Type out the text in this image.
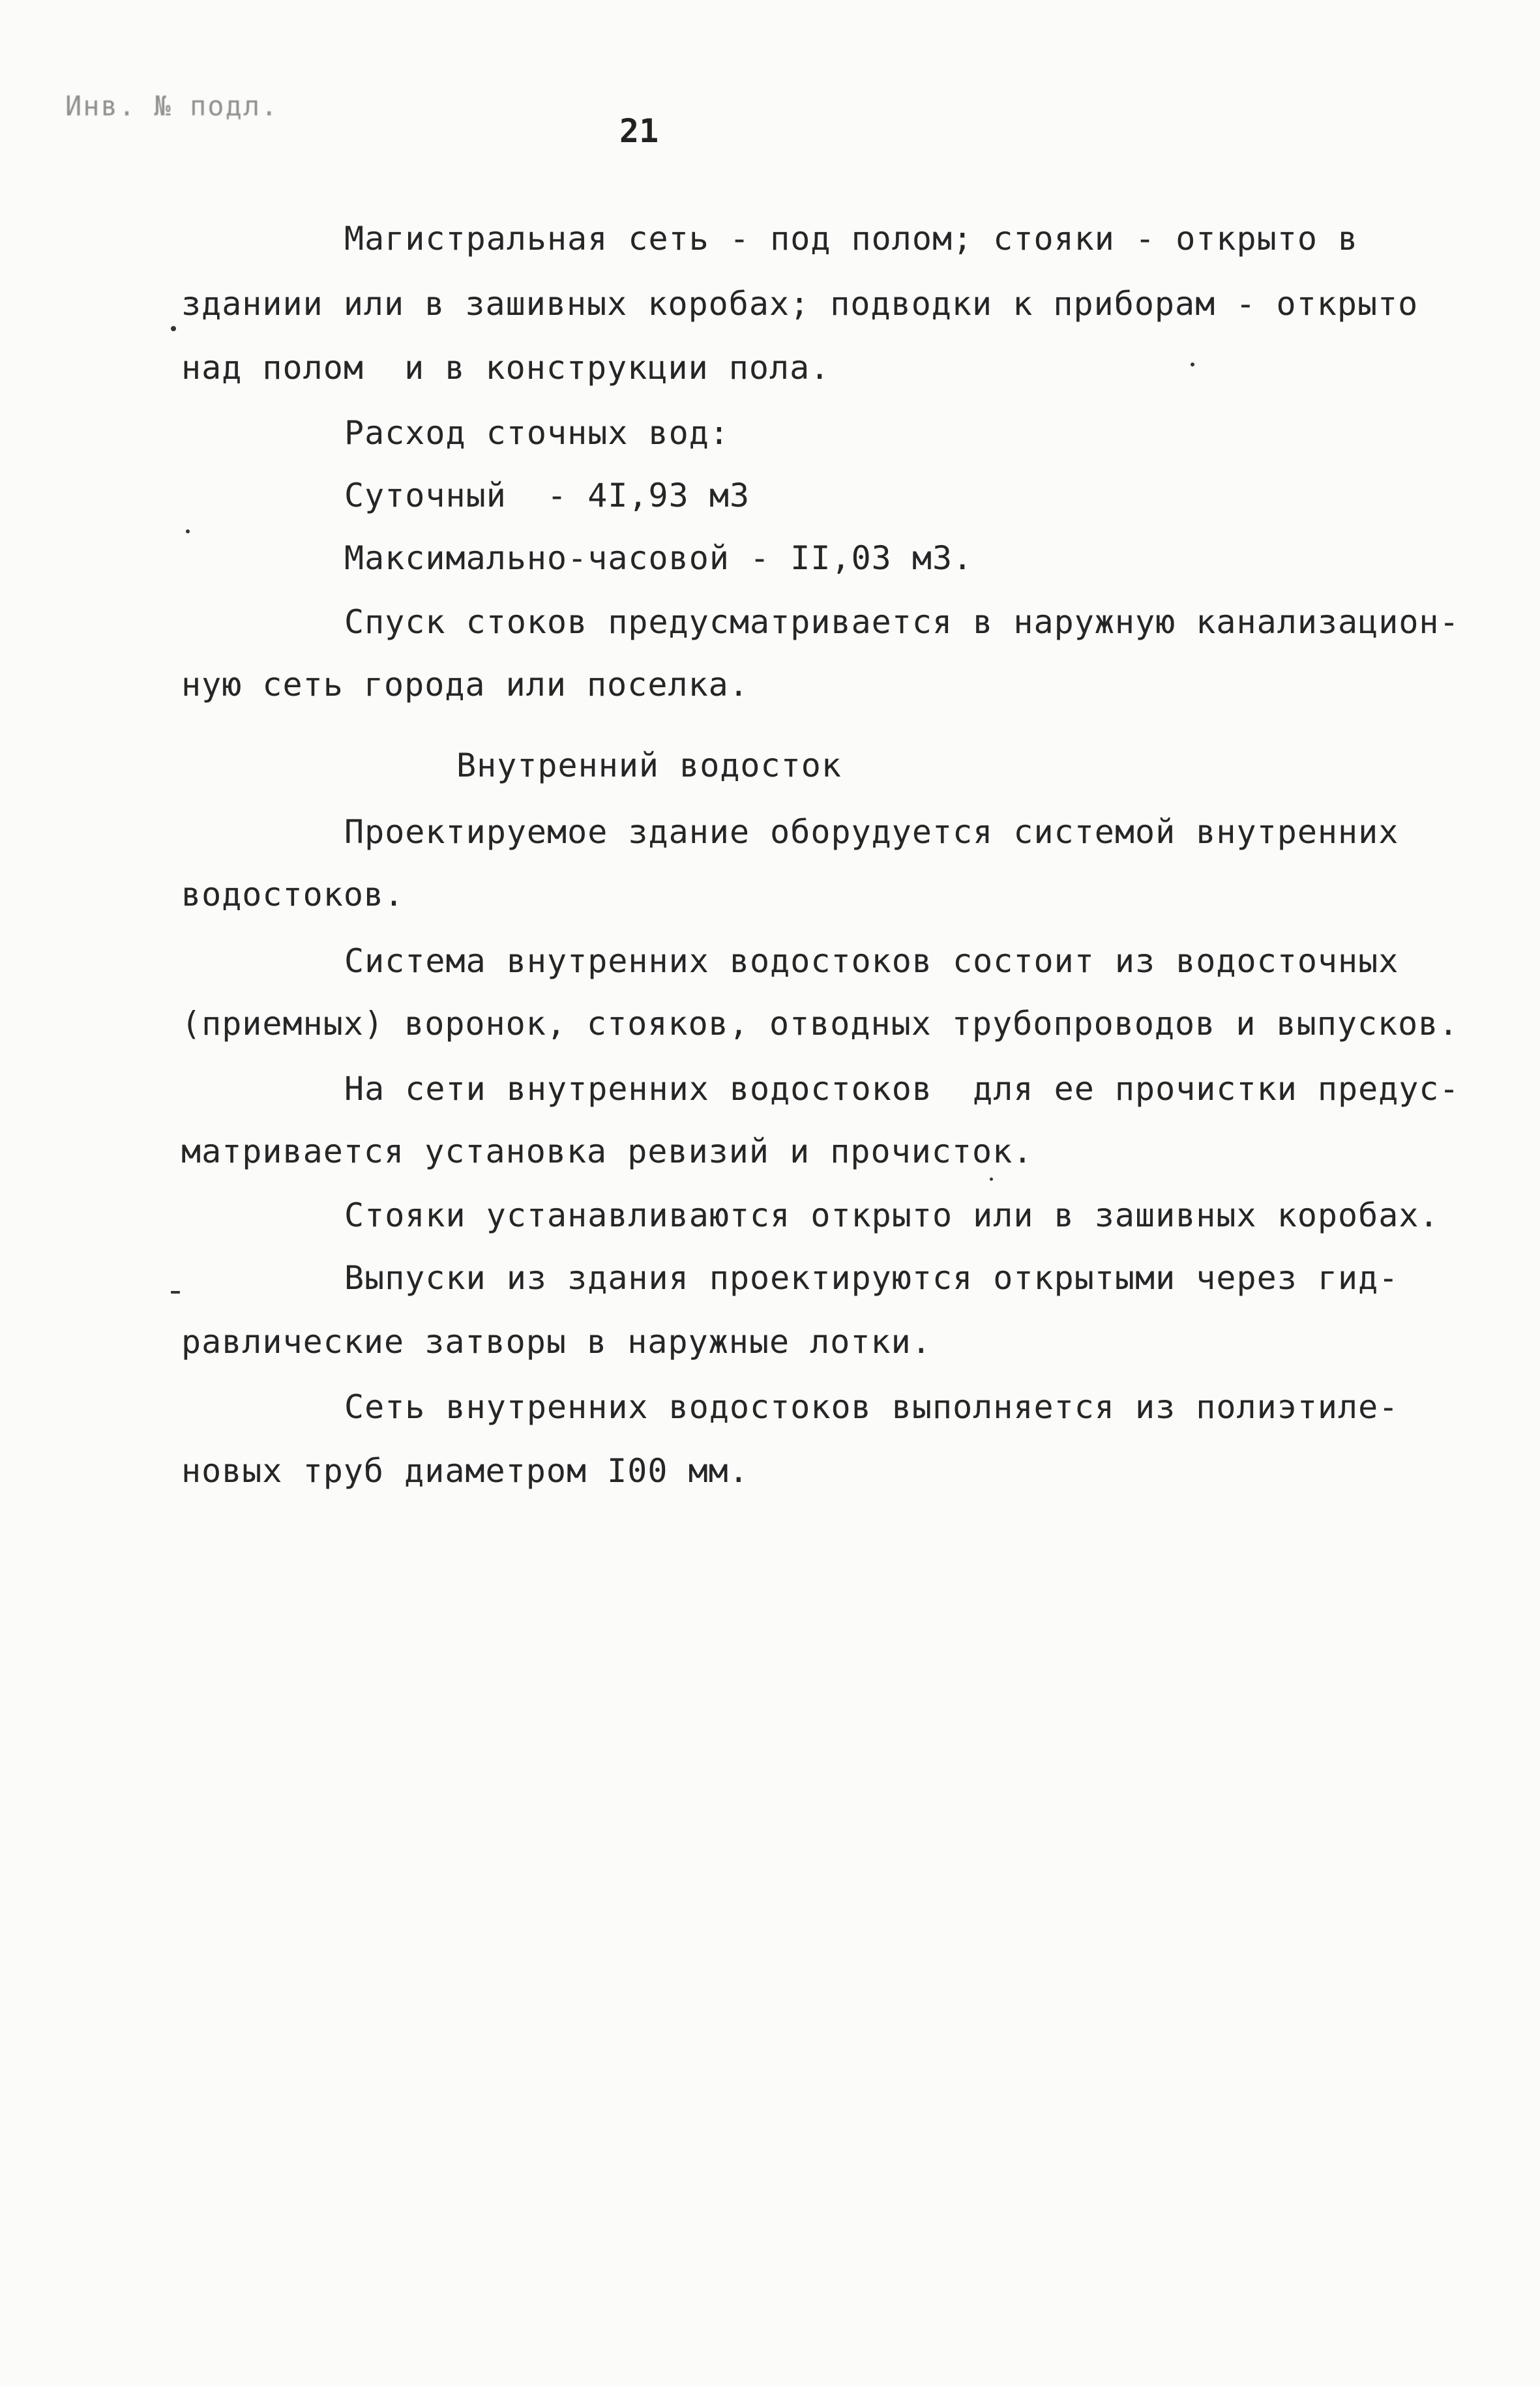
Инв. № подл.
21
Магистральная сеть - под полом; стояки - открыто в
зданиии или в зашивных коробах; подводки к приборам - открыто
над полом  и в конструкции пола.
Расход сточных вод:
Суточный  - 4I,93 м3
Максимально-часовой - II,03 м3.
Спуск стоков предусматривается в наружную канализацион-
ную сеть города или поселка.
Внутренний водосток
Проектируемое здание оборудуется системой внутренних
водостоков.
Система внутренних водостоков состоит из водосточных
(приемных) воронок, стояков, отводных трубопроводов и выпусков.
На сети внутренних водостоков  для ее прочистки предус-
матривается установка ревизий и прочисток.
Стояки устанавливаются открыто или в зашивных коробах.
Выпуски из здания проектируются открытыми через гид-
равлические затворы в наружные лотки.
Сеть внутренних водостоков выполняется из полиэтиле-
новых труб диаметром I00 мм.
